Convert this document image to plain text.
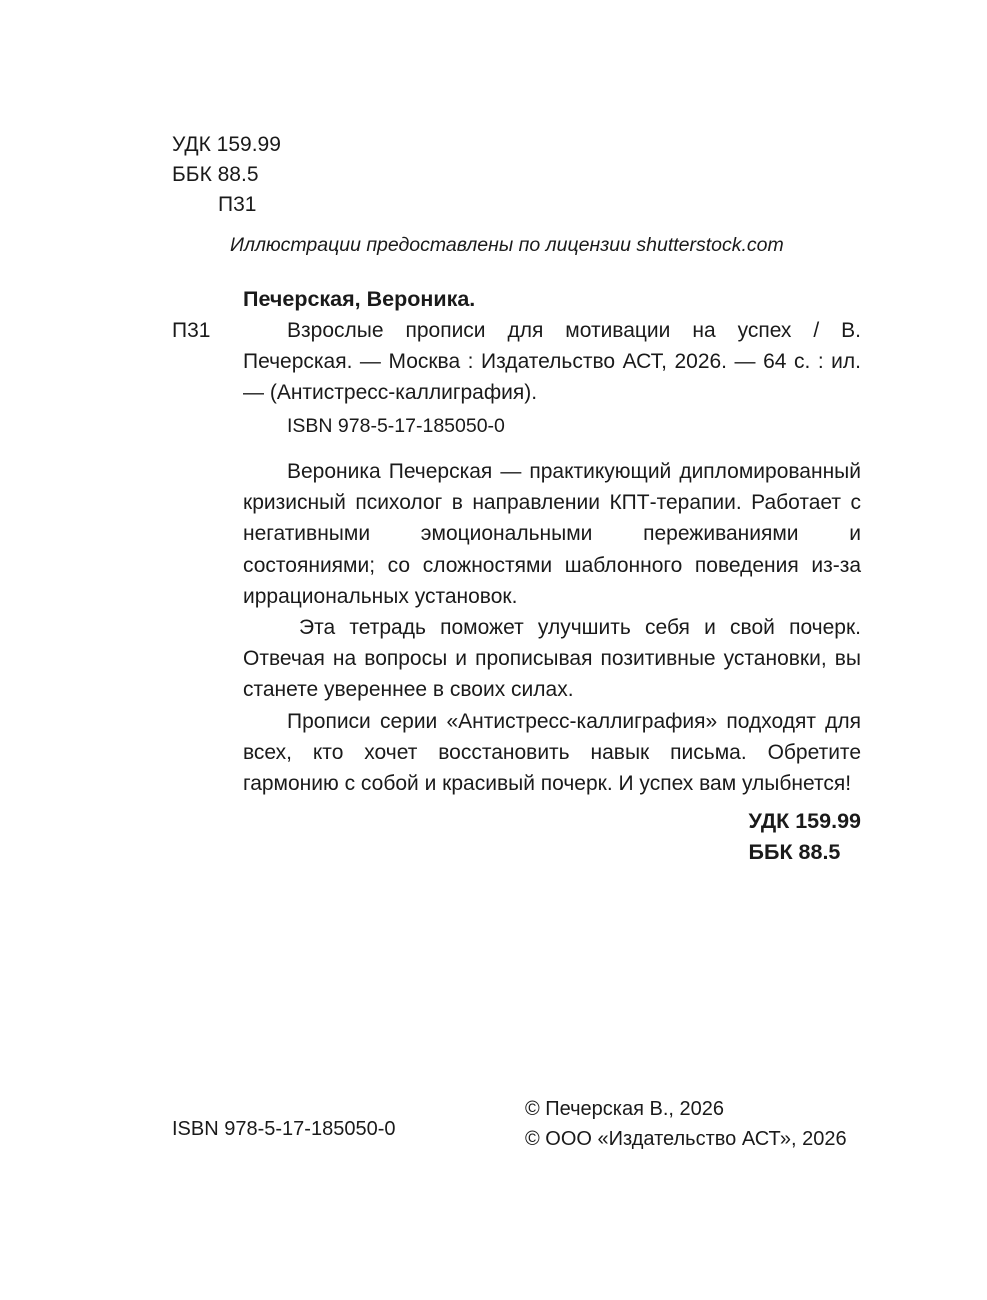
УДК 159.99
ББК 88.5
П31
Иллюстрации предоставлены по лицензии shutterstock.com
Печерская, Вероника.
П31	Взрослые прописи для мотивации на успех / В. Печерская. — Москва : Издательство АСТ, 2026. — 64 с. : ил. — (Антистресс-каллиграфия).
ISBN 978-5-17-185050-0

Вероника Печерская — практикующий дипломированный кризисный психолог в направлении КПТ-терапии. Работает с негативными эмоциональными переживаниями и состояниями; со сложностями шаблонного поведения из-за иррациональных установок.

Эта тетрадь поможет улучшить себя и свой почерк. Отвечая на вопросы и прописывая позитивные установки, вы станете увереннее в своих силах.

Прописи серии «Антистресс-каллиграфия» подходят для всех, кто хочет восстановить навык письма. Обретите гармонию с собой и красивый почерк. И успех вам улыбнется!

УДК 159.99
ББК 88.5
ISBN 978-5-17-185050-0
© Печерская В., 2026
© ООО «Издательство АСТ», 2026
